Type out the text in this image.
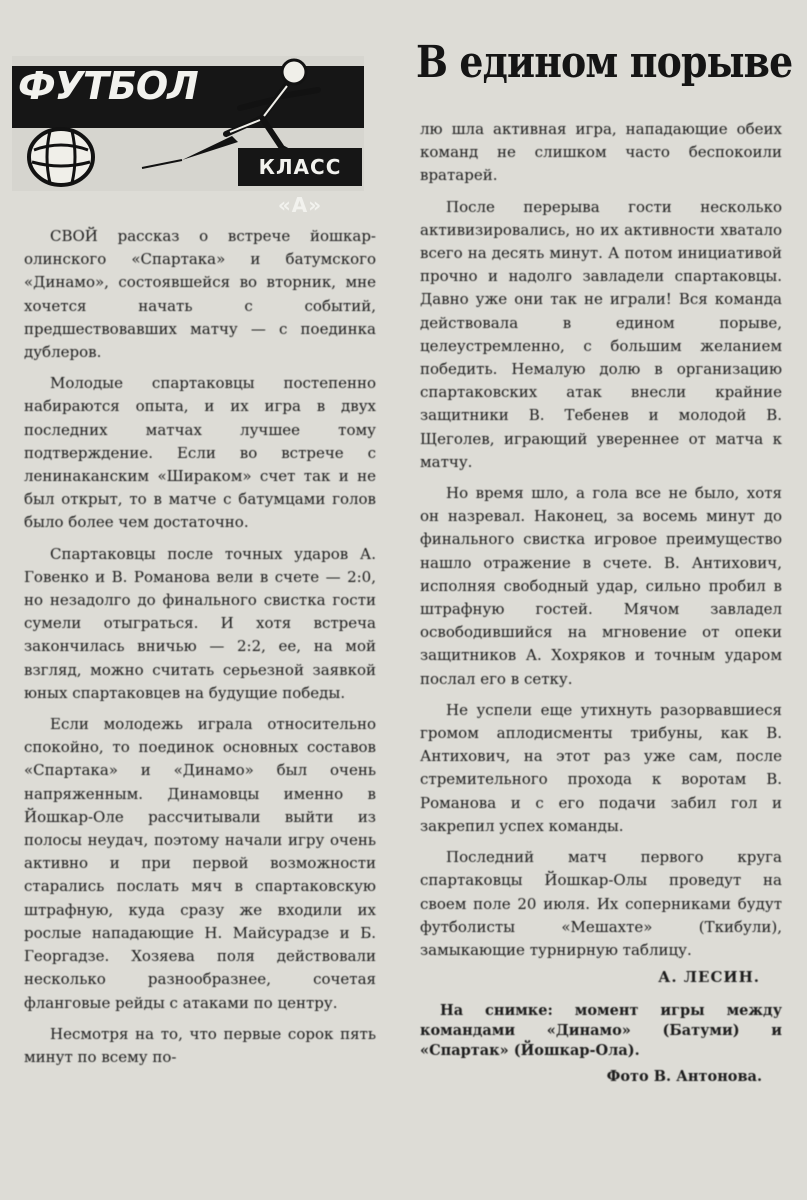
ФУТБОЛ
КЛАСС «А»
В едином порыве

СВОЙ рассказ о встрече йошкар-олинского «Спартака» и батумского «Динамо», состоявшейся во вторник, мне хочется начать с событий, предшествовавших матчу — с поединка дублеров.

Молодые спартаковцы постепенно набираются опыта, и их игра в двух последних матчах лучшее тому подтверждение. Если во встрече с ленинаканским «Шираком» счет так и не был открыт, то в матче с батумцами голов было более чем достаточно.

Спартаковцы после точных ударов А. Говенко и В. Романова вели в счете — 2:0, но незадолго до финального свистка гости сумели отыграться. И хотя встреча закончилась вничью — 2:2, ее, на мой взгляд, можно считать серьезной заявкой юных спартаковцев на будущие победы.

Если молодежь играла относительно спокойно, то поединок основных составов «Спартака» и «Динамо» был очень напряженным. Динамовцы именно в Йошкар-Оле рассчитывали выйти из полосы неудач, поэтому начали игру очень активно и при первой возможности старались послать мяч в спартаковскую штрафную, куда сразу же входили их рослые нападающие Н. Майсурадзе и Б. Георгадзе. Хозяева поля действовали несколько разнообразнее, сочетая фланговые рейды с атаками по центру.

Несмотря на то, что первые сорок пять минут по всему по-

лю шла активная игра, нападающие обеих команд не слишком часто беспокоили вратарей.

После перерыва гости несколько активизировались, но их активности хватало всего на десять минут. А потом инициативой прочно и надолго завладели спартаковцы. Давно уже они так не играли! Вся команда действовала в едином порыве, целеустремленно, с большим желанием победить. Немалую долю в организацию спартаковских атак внесли крайние защитники В. Тебенев и молодой В. Щеголев, играющий увереннее от матча к матчу.

Но время шло, а гола все не было, хотя он назревал. Наконец, за восемь минут до финального свистка игровое преимущество нашло отражение в счете. В. Антихович, исполняя свободный удар, сильно пробил в штрафную гостей. Мячом завладел освободившийся на мгновение от опеки защитников А. Хохряков и точным ударом послал его в сетку.

Не успели еще утихнуть разорвавшиеся громом аплодисменты трибуны, как В. Антихович, на этот раз уже сам, после стремительного прохода к воротам В. Романова и с его подачи забил гол и закрепил успех команды.

Последний матч первого круга спартаковцы Йошкар-Олы проведут на своем поле 20 июля. Их соперниками будут футболисты «Мешахте» (Ткибули), замыкающие турнирную таблицу.

А. ЛЕСИН.
На снимке: момент игры между командами «Динамо» (Батуми) и «Спартак» (Йошкар-Ола).
Фото В. Антонова.
